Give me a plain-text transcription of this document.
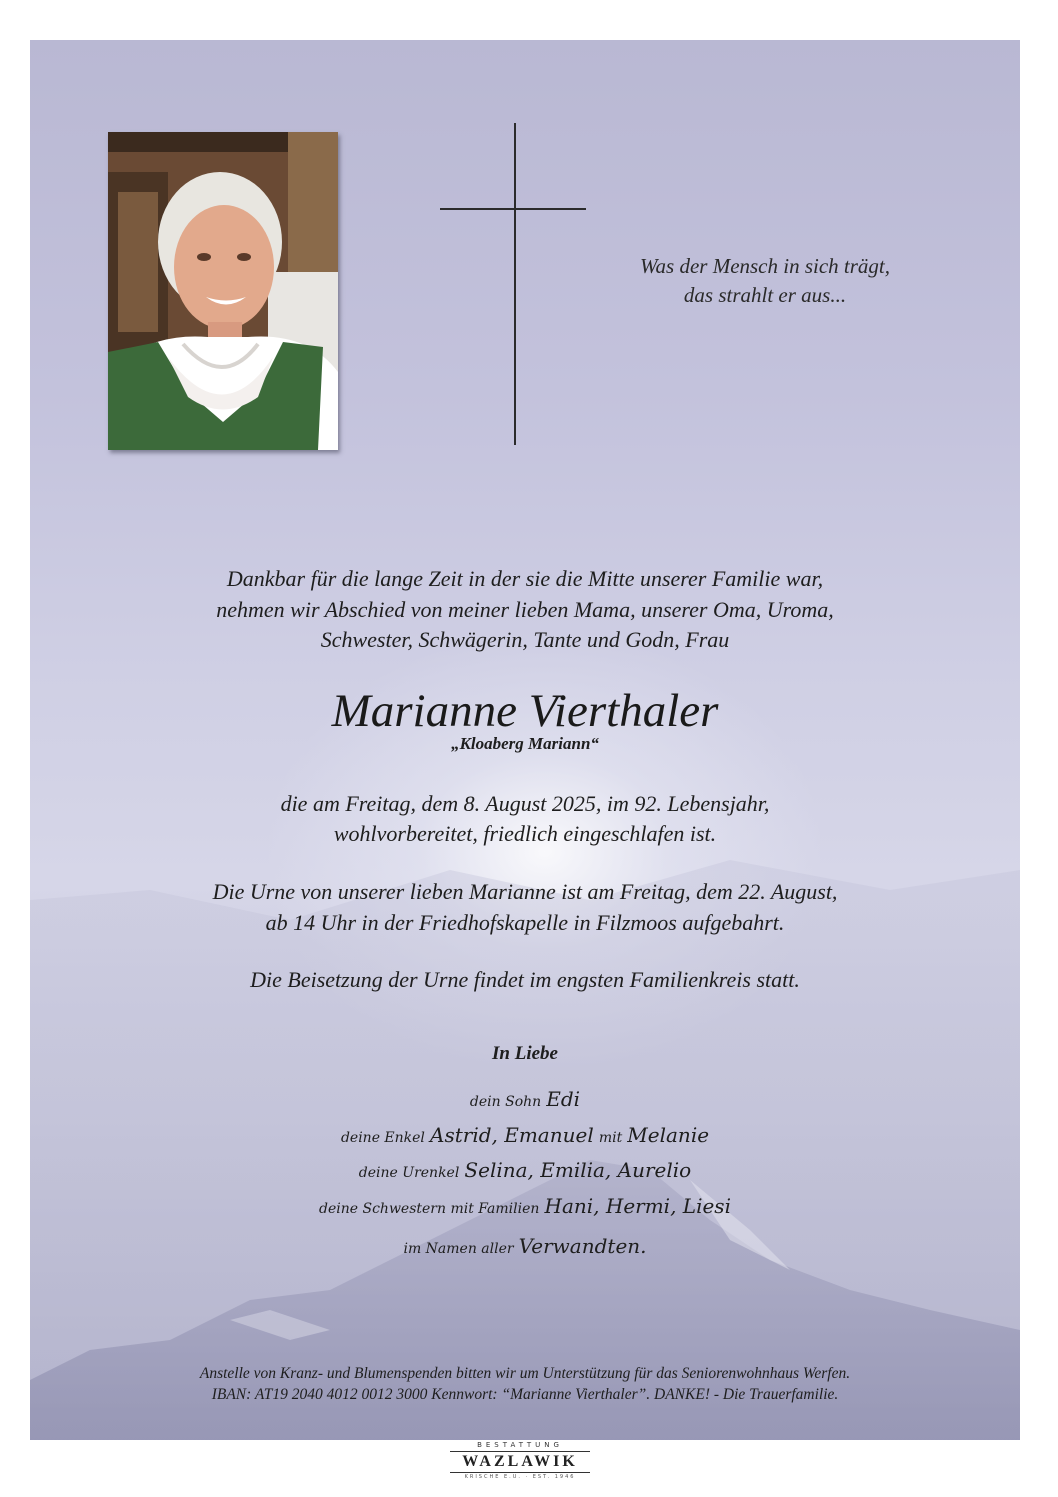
Was der Mensch in sich trägt,
das strahlt er aus...
Dankbar für die lange Zeit in der sie die Mitte unserer Familie war,
nehmen wir Abschied von meiner lieben Mama, unserer Oma, Uroma,
Schwester, Schwägerin, Tante und Godn, Frau
Marianne Vierthaler
„Kloaberg Mariann“
die am Freitag, dem 8. August 2025, im 92. Lebensjahr,
wohlvorbereitet, friedlich eingeschlafen ist.
Die Urne von unserer lieben Marianne ist am Freitag, dem 22. August,
ab 14 Uhr in der Friedhofskapelle in Filzmoos aufgebahrt.
Die Beisetzung der Urne findet im engsten Familienkreis statt.
In Liebe
dein Sohn Edi
deine Enkel Astrid, Emanuel mit Melanie
deine Urenkel Selina, Emilia, Aurelio
deine Schwestern mit Familien Hani, Hermi, Liesi
im Namen aller Verwandten.
Anstelle von Kranz- und Blumenspenden bitten wir um Unterstützung für das Seniorenwohnhaus Werfen.
IBAN: AT19 2040 4012 0012 3000 Kennwort: “Marianne Vierthaler”. DANKE! - Die Trauerfamilie.
BESTATTUNG
WAZLAWIK
KRISCHE E.U. · EST. 1946
